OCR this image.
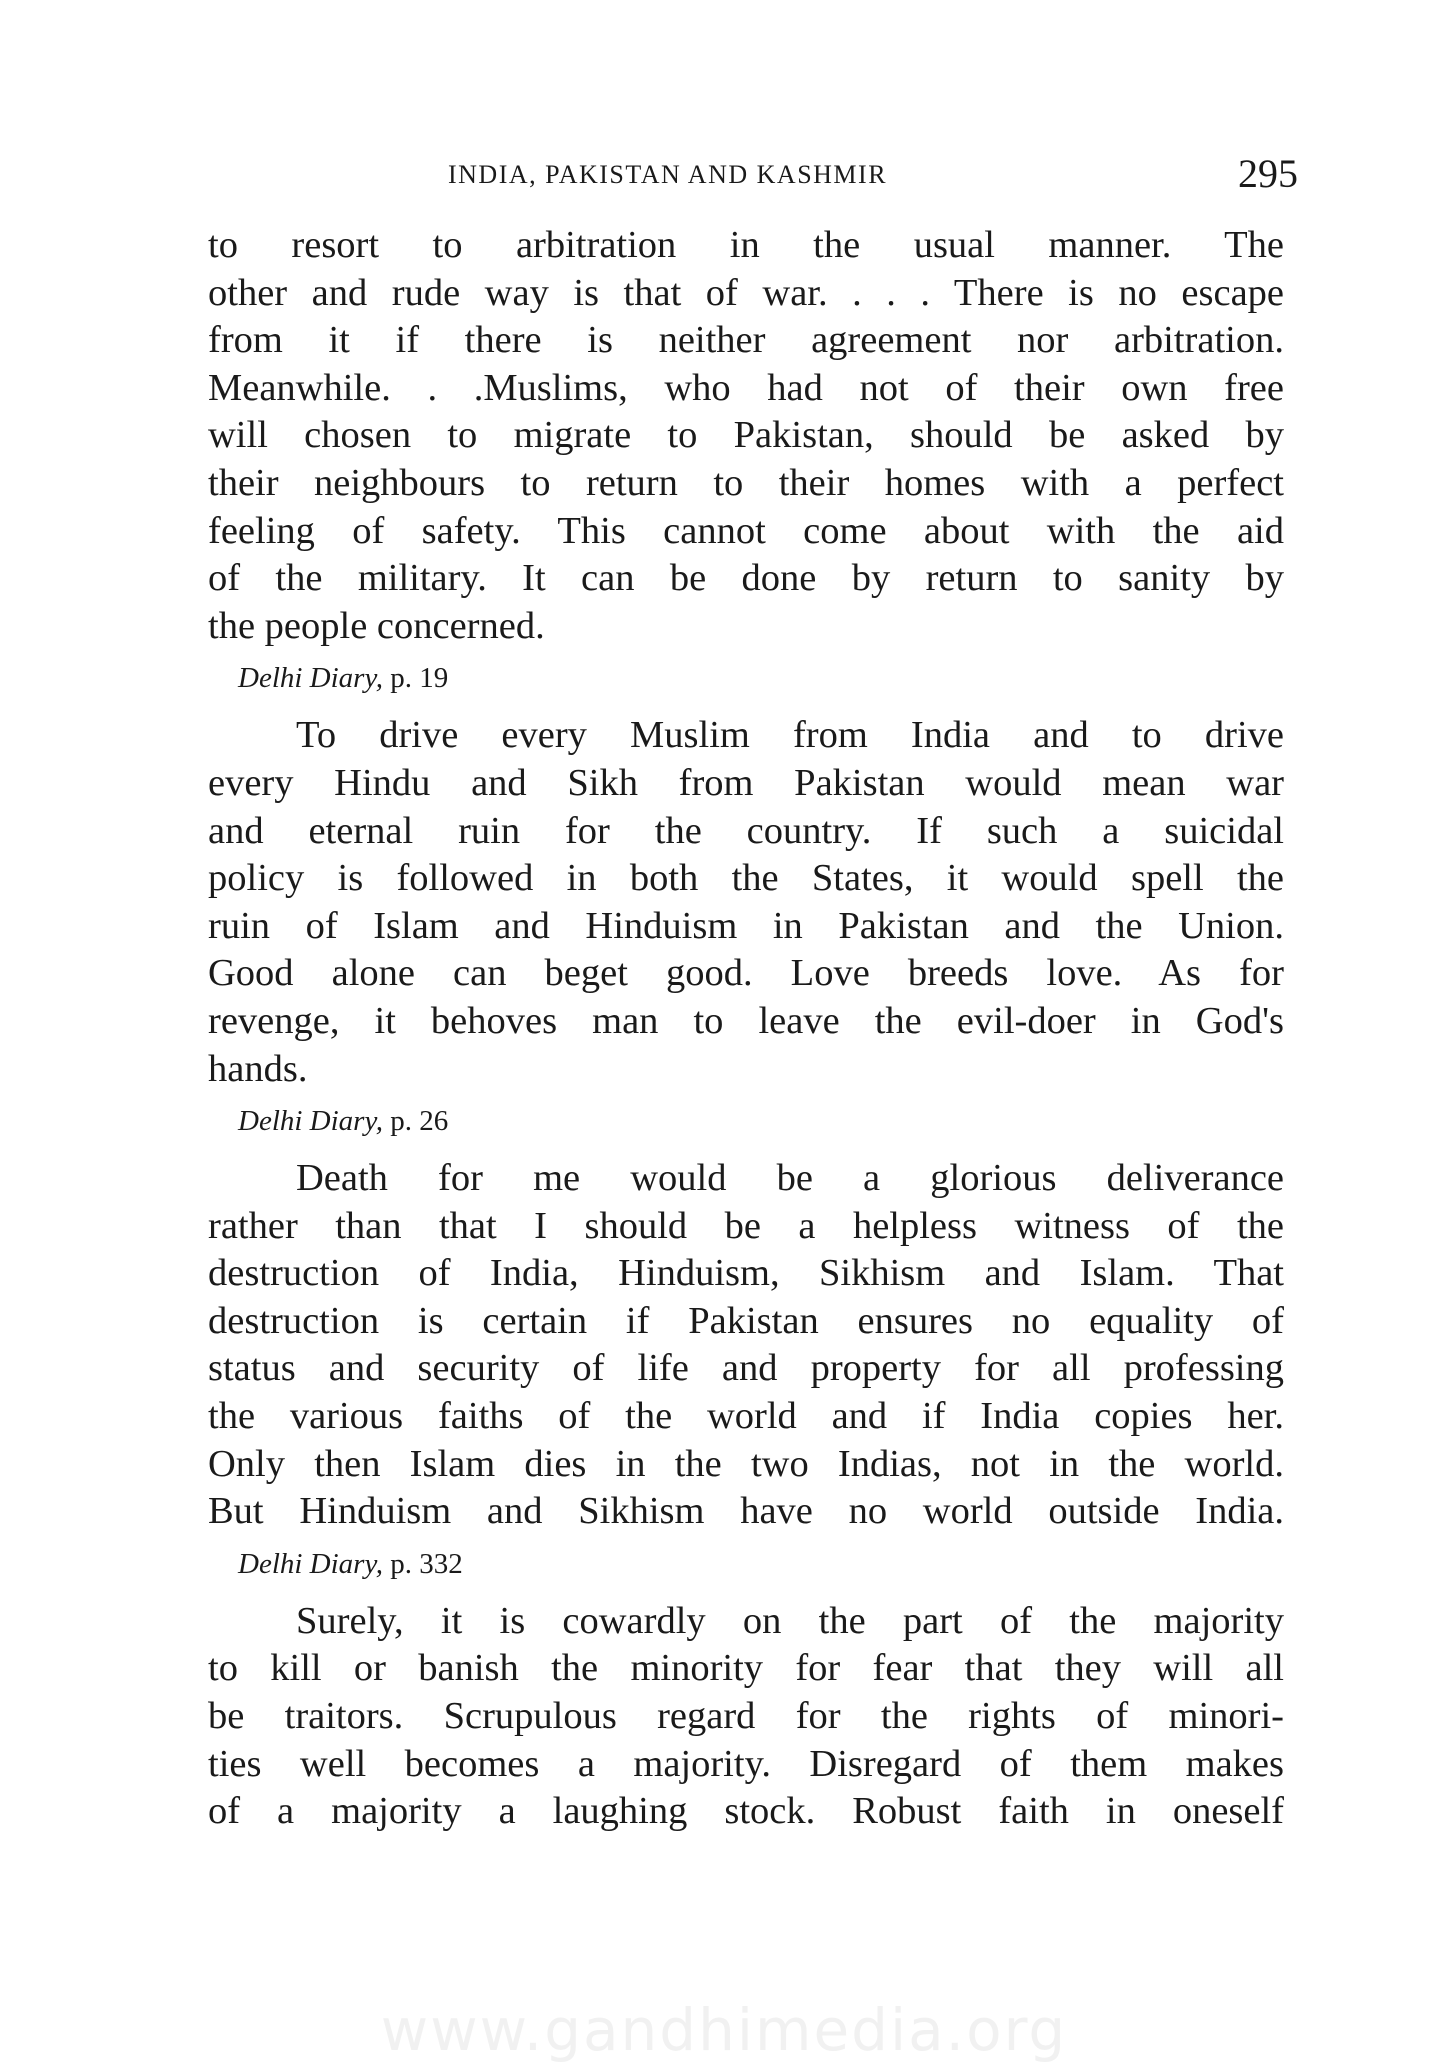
INDIA, PAKISTAN AND KASHMIR	295
to resort to arbitration in the usual manner. The
other and rude way is that of war. . . . There is no escape
from it if there is neither agreement nor arbitration.
Meanwhile. . .Muslims, who had not of their own free
will chosen to migrate to Pakistan, should be asked by
their neighbours to return to their homes with a perfect
feeling of safety. This cannot come about with the aid
of the military. It can be done by return to sanity by
the people concerned.
Delhi Diary, p. 19
To drive every Muslim from India and to drive
every Hindu and Sikh from Pakistan would mean war
and eternal ruin for the country. If such a suicidal
policy is followed in both the States, it would spell the
ruin of Islam and Hinduism in Pakistan and the Union.
Good alone can beget good. Love breeds love. As for
revenge, it behoves man to leave the evil-doer in God's
hands.
Delhi Diary, p. 26
Death for me would be a glorious deliverance
rather than that I should be a helpless witness of the
destruction of India, Hinduism, Sikhism and Islam. That
destruction is certain if Pakistan ensures no equality of
status and security of life and property for all professing
the various faiths of the world and if India copies her.
Only then Islam dies in the two Indias, not in the world.
But Hinduism and Sikhism have no world outside India.
Delhi Diary, p. 332
Surely, it is cowardly on the part of the majority
to kill or banish the minority for fear that they will all
be traitors. Scrupulous regard for the rights of minori-
ties well becomes a majority. Disregard of them makes
of a majority a laughing stock. Robust faith in oneself
www.gandhimedia.org
